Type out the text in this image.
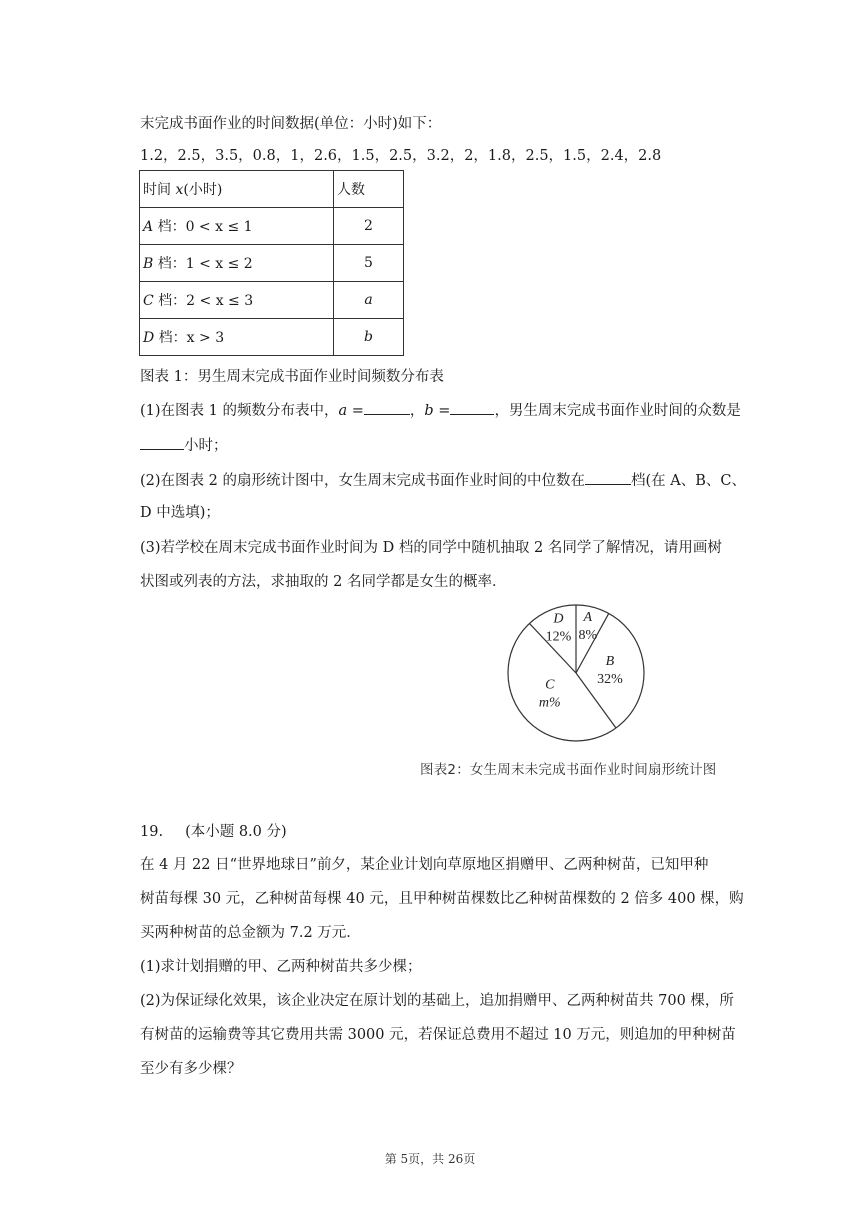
末完成书面作业的时间数据(单位：小时)如下：
1.2，2.5，3.5，0.8，1，2.6，1.5，2.5，3.2，2，1.8，2.5，1.5，2.4，2.8
时间 x(小时)	人数
A 档：0 < x ≤ 1	2
B 档：1 < x ≤ 2	5
C 档：2 < x ≤ 3	a
D 档：x > 3	b
图表 1：男生周末完成书面作业时间频数分布表
(1)在图表 1 的频数分布表中，a =	，b =	，男生周末完成书面作业时间的众数是
小时；
(2)在图表 2 的扇形统计图中，女生周末完成书面作业时间的中位数在	档(在 A、B、C、
D 中选填)；
(3)若学校在周末完成书面作业时间为 D 档的同学中随机抽取 2 名同学了解情况，请用画树
状图或列表的方法，求抽取的 2 名同学都是女生的概率．
A
8%
B
32%
C
m%
D
12%
图表2：女生周末未完成书面作业时间扇形统计图
19. (本小题 8.0 分)
在 4 月 22 日“世界地球日”前夕，某企业计划向草原地区捐赠甲、乙两种树苗，已知甲种
树苗每棵 30 元，乙种树苗每棵 40 元，且甲种树苗棵数比乙种树苗棵数的 2 倍多 400 棵，购
买两种树苗的总金额为 7.2 万元．
(1)求计划捐赠的甲、乙两种树苗共多少棵；
(2)为保证绿化效果，该企业决定在原计划的基础上，追加捐赠甲、乙两种树苗共 700 棵，所
有树苗的运输费等其它费用共需 3000 元，若保证总费用不超过 10 万元，则追加的甲种树苗
至少有多少棵？
第 5页，共 26页
